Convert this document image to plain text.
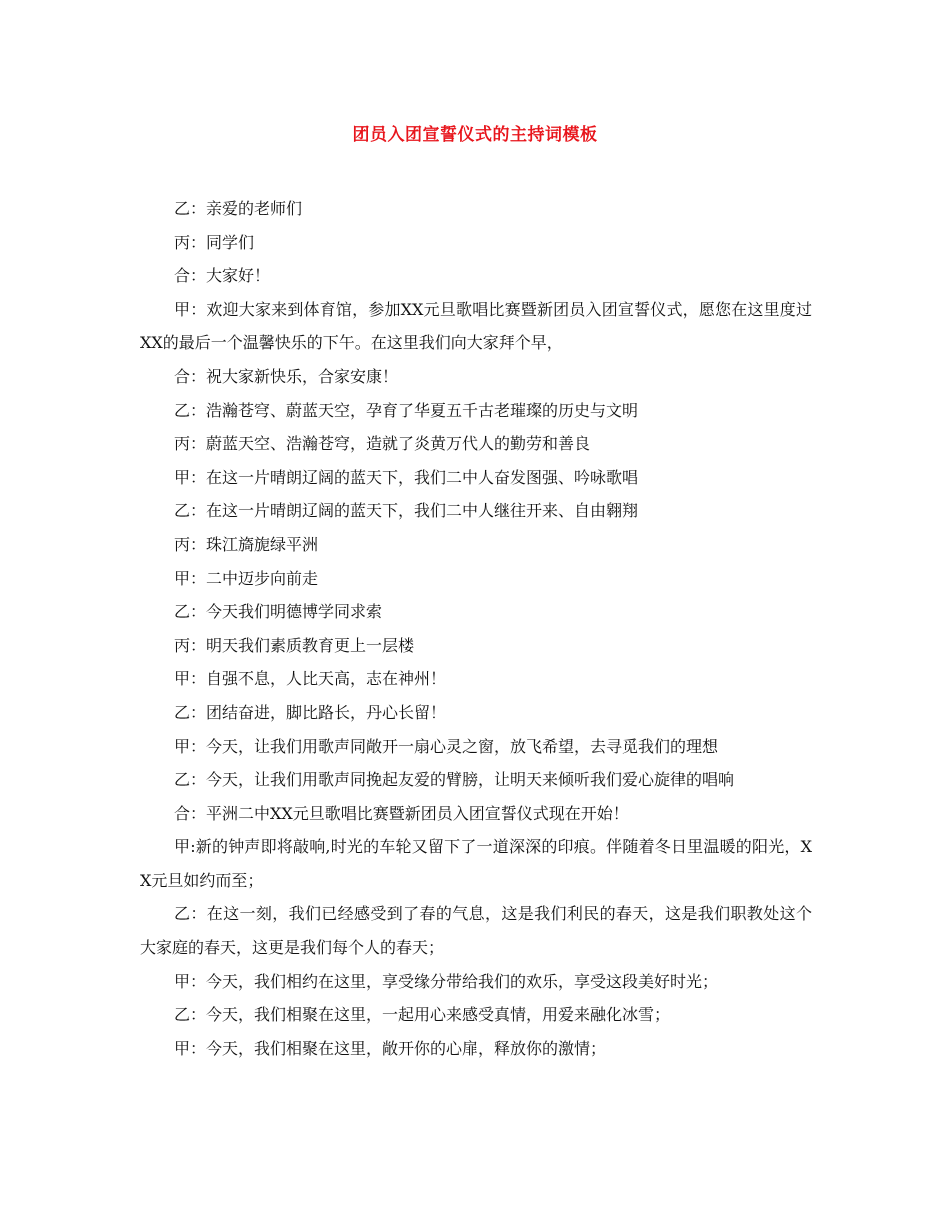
团员入团宣誓仪式的主持词模板

乙：亲爱的老师们

丙：同学们

合：大家好！

甲：欢迎大家来到体育馆，参加XX元旦歌唱比赛暨新团员入团宣誓仪式，愿您在这里度过XX的最后一个温馨快乐的下午。在这里我们向大家拜个早，

合：祝大家新快乐，合家安康！

乙：浩瀚苍穹、蔚蓝天空，孕育了华夏五千古老璀璨的历史与文明

丙：蔚蓝天空、浩瀚苍穹，造就了炎黄万代人的勤劳和善良

甲：在这一片晴朗辽阔的蓝天下，我们二中人奋发图强、吟咏歌唱

乙：在这一片晴朗辽阔的蓝天下，我们二中人继往开来、自由翱翔

丙：珠江旖旎绿平洲

甲：二中迈步向前走

乙：今天我们明德博学同求索

丙：明天我们素质教育更上一层楼

甲：自强不息，人比天高，志在神州！

乙：团结奋进，脚比路长，丹心长留！

甲：今天，让我们用歌声同敞开一扇心灵之窗，放飞希望，去寻觅我们的理想

乙：今天，让我们用歌声同挽起友爱的臂膀，让明天来倾听我们爱心旋律的唱响

合：平洲二中XX元旦歌唱比赛暨新团员入团宣誓仪式现在开始！

甲:新的钟声即将敲响,时光的车轮又留下了一道深深的印痕。伴随着冬日里温暖的阳光，XX元旦如约而至；

乙：在这一刻，我们已经感受到了春的气息，这是我们利民的春天，这是我们职教处这个大家庭的春天，这更是我们每个人的春天；

甲：今天，我们相约在这里，享受缘分带给我们的欢乐，享受这段美好时光；

乙：今天，我们相聚在这里，一起用心来感受真情，用爱来融化冰雪；

甲：今天，我们相聚在这里，敞开你的心扉，释放你的激情；
